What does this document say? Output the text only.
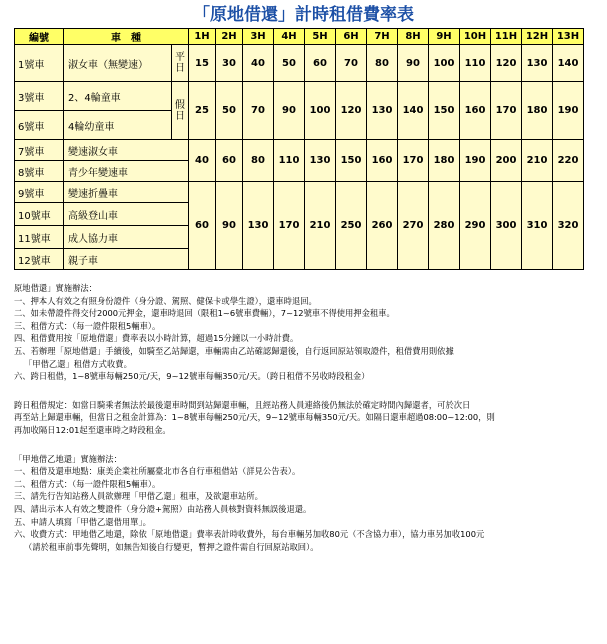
「原地借還」計時租借費率表
編號	車　種		1H	2H	3H	4H	5H	6H	7H	8H	9H	10H	11H	12H	13H
1號車	淑女車（無變速）	平日	15	30	40	50	60	70	80	90	100	110	120	130	140
3號車	2、4輪童車	假日	25	50	70	90	100	120	130	140	150	160	170	180	190
6號車	4輪幼童車														
7號車	變速淑女車		40	60	80	110	130	150	160	170	180	190	200	210	220
8號車	青少年變速車														
9號車	變速折疊車		60	90	130	170	210	250	260	270	280	290	300	310	320
10號車	高級登山車														
11號車	成人協力車														
12號車	親子車														

原地借還」實施辦法：

一、押本人有效之有照身份證件（身分證、駕照、健保卡或學生證），還車時退回。

二、如未帶證件得交付2000元押金，還車時退回（限租1~6號車費輛），7~12號車不得使用押金租車。

三、租借方式：（每一證件限租5輛車）。

四、租借費用按「原地借還」費率表以小時計算，超過15分鐘以一小時計費。

五、若辦理「原地借還」手續後，如騎至乙站歸還，車輛需由乙站確認歸還後，自行返回原站領取證件，租借費用則依據

「甲借乙還」租借方式收費。

六、跨日租借，1~8號車每輛250元/天，9~12號車每輛350元/天。（跨日租借不另收時段租金）

跨日租借規定：如當日騎乘者無法於最後還車時間到站歸還車輛，且經站務人員連絡後仍無法於確定時間內歸還者，可於次日

再至站上歸還車輛，但當日之租金計算為：1~8號車每輛250元/天，9~12號車每輛350元/天。如隔日還車超過08:00~12:00，則

再加收隔日12:01起至還車時之時段租金。

「甲地借乙地還」實施辦法：

一、租借及還車地點：康美企業社所屬臺北市各自行車租借站（詳見公告表）。

二、租借方式：（每一證件限租5輛車）。

三、請先行告知站務人員欲辦理「甲借乙還」租車，及欲還車站所。

四、請出示本人有效之雙證件（身分證+駕照）由站務人員核對資料無誤後退還。

五、申請人填寫「甲借乙還借用單」。

六、收費方式：甲地借乙地還，除依「原地借還」費率表計時收費外，每台車輛另加收80元（不含協力車），協力車另加收100元

（請於租車前事先聲明，如無告知後自行變更，暫押之證件需自行回原站取回）。
